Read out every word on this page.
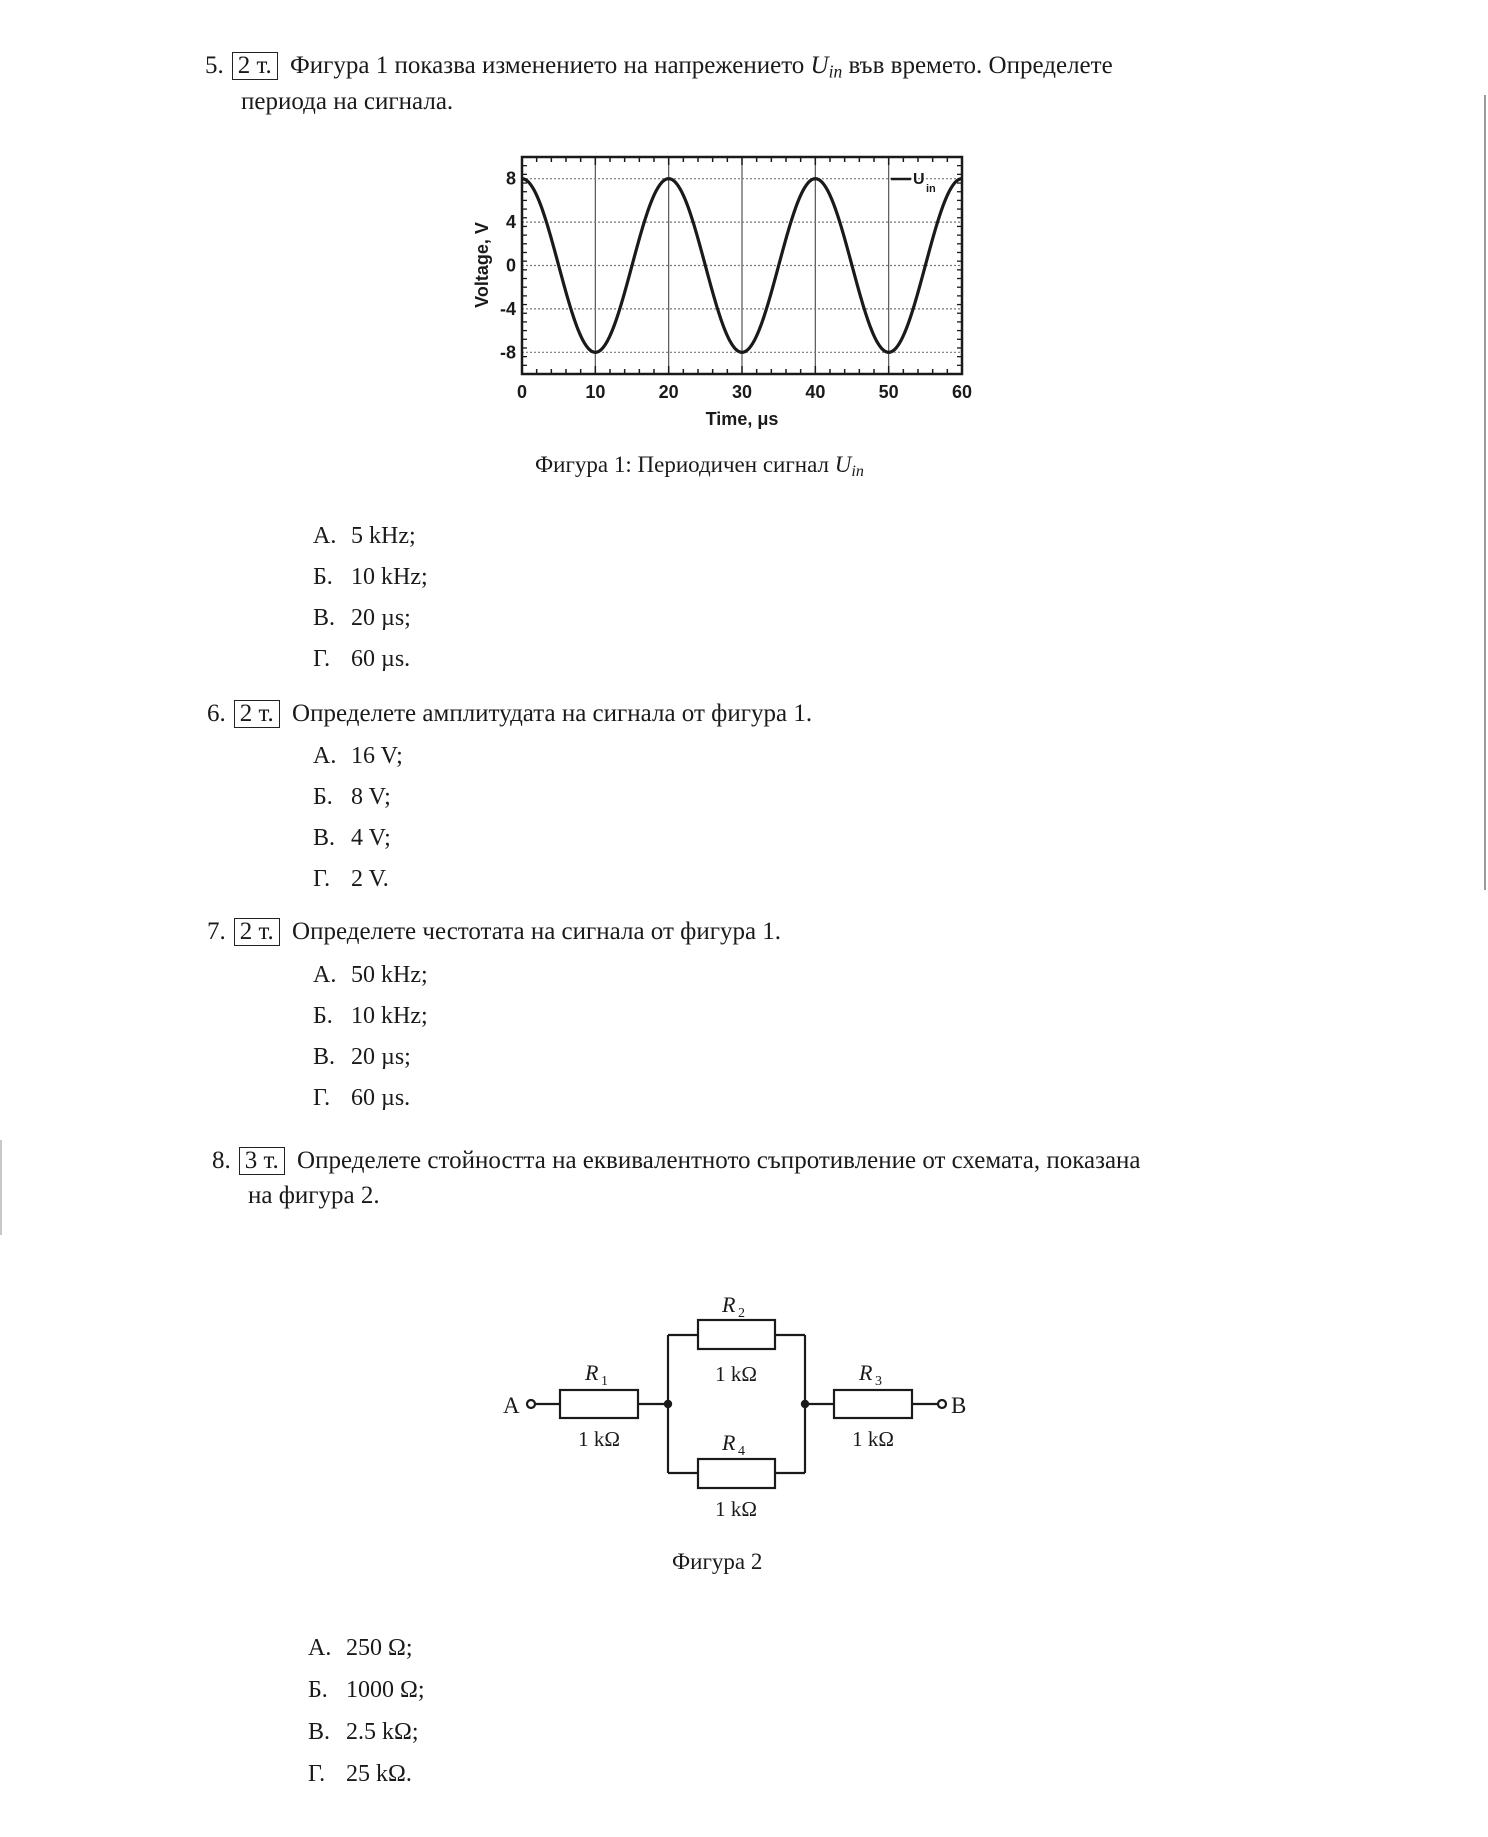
5. 2 т. Фигура 1 показва изменението на напрежението $U_{in}$ във времето. Определете
периода на сигнала.
0	10	20	30	40	50	60
8
4
0
-4
-8
Time, μs
Voltage, V
U
in
Фигура 1: Периодичен сигнал $U_{in}$
А. 5 kHz;
Б. 10 kHz;
В. 20 µs;
Г. 60 µs.
6. 2 т. Определете амплитудата на сигнала от фигура 1.
А. 16 V;
Б. 8 V;
В. 4 V;
Г. 2 V.
7. 2 т. Определете честотата на сигнала от фигура 1.
А. 50 kHz;
Б. 10 kHz;
В. 20 µs;
Г. 60 µs.
8. 3 т. Определете стойността на еквивалентното съпротивление от схемата, показана
на фигура 2.
A	B
R 1
1 kΩ
R 2
1 kΩ	R 3
1 kΩ
R 4
1 kΩ
Фигура 2
А. 250 Ω;
Б. 1000 Ω;
В. 2.5 kΩ;
Г. 25 kΩ.
